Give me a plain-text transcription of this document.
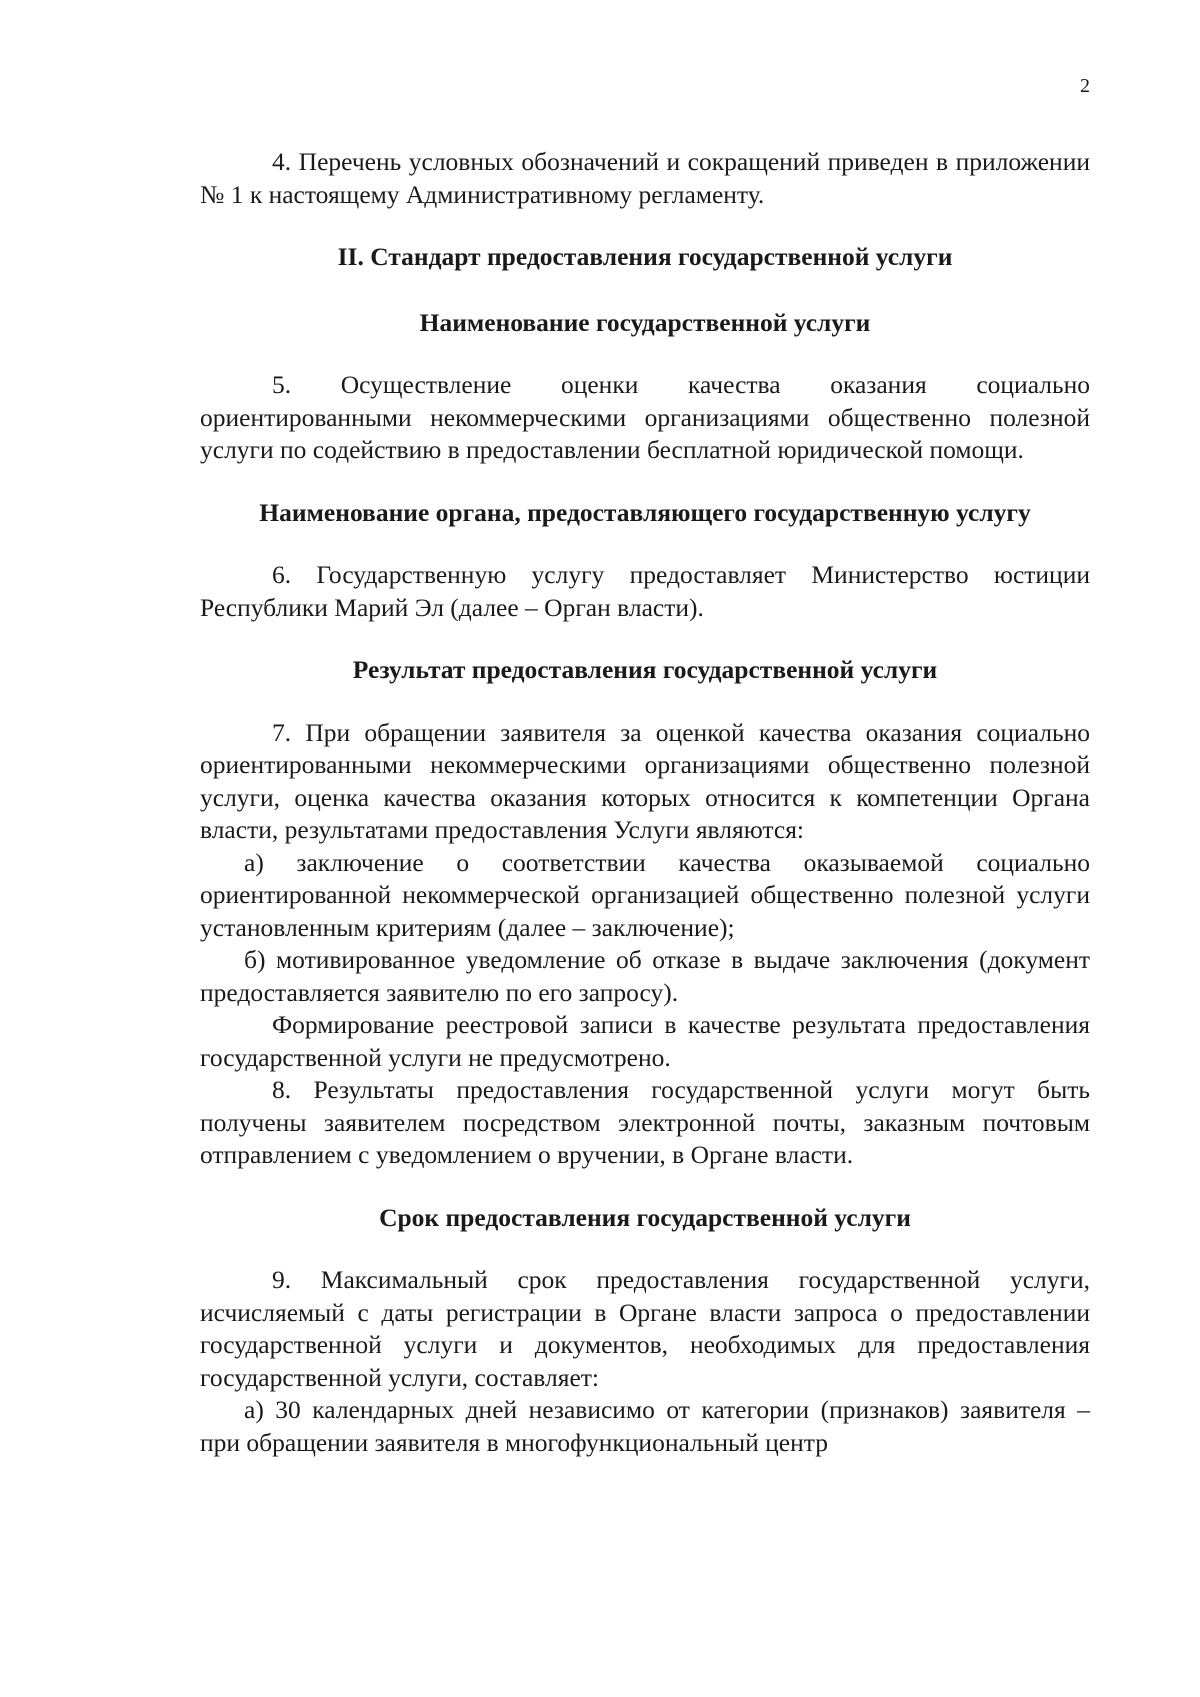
2

4. Перечень условных обозначений и сокращений приведен в приложении № 1 к настоящему Административному регламенту.

II. Стандарт предоставления государственной услуги
Наименование государственной услуги

5. Осуществление оценки качества оказания социально ориентированными некоммерческими организациями общественно полезной услуги по содействию в предоставлении бесплатной юридической помощи.

Наименование органа, предоставляющего государственную услугу

6. Государственную услугу предоставляет Министерство юстиции Республики Марий Эл (далее – Орган власти).

Результат предоставления государственной услуги

7. При обращении заявителя за оценкой качества оказания социально ориентированными некоммерческими организациями общественно полезной услуги, оценка качества оказания которых относится к компетенции Органа власти, результатами предоставления Услуги являются:

а) заключение о соответствии качества оказываемой социально ориентированной некоммерческой организацией общественно полезной услуги установленным критериям (далее – заключение);

б) мотивированное уведомление об отказе в выдаче заключения (документ предоставляется заявителю по его запросу).

Формирование реестровой записи в качестве результата предоставления государственной услуги не предусмотрено.

8. Результаты предоставления государственной услуги могут быть получены заявителем посредством электронной почты, заказным почтовым отправлением с уведомлением о вручении, в Органе власти.

Срок предоставления государственной услуги

9. Максимальный срок предоставления государственной услуги, исчисляемый с даты регистрации в Органе власти запроса о предоставлении государственной услуги и документов, необходимых для предоставления государственной услуги, составляет:

а) 30 календарных дней независимо от категории (признаков) заявителя – при обращении заявителя в многофункциональный центр
